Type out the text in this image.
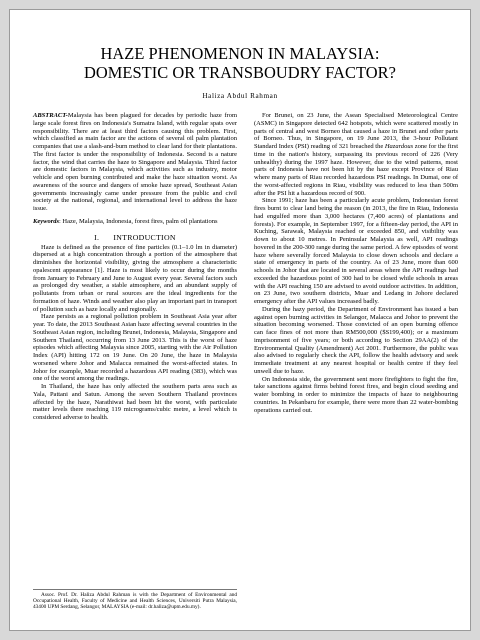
HAZE PHENOMENON IN MALAYSIA:
DOMESTIC OR TRANSBOUDRY FACTOR?
Haliza Abdul Rahman

ABSTRACT-Malaysia has been plagued for decades by periodic haze from large scale forest fires on Indonesia's Sumatra Island, with regular spats over responsibility. There are at least third factors causing this problem. First, which classified as main factor are the actions of several oil palm plantation companies that use a slash-and-burn method to clear land for their plantations. The first factor is under the responsibility of Indonesia. Second is a nature factor, the wind that carries the haze to Singapore and Malaysia. Third factor are domestic factors in Malaysia, which activities such as industry, motor vehicle and open burning contributed and make the haze situation worst. As awareness of the source and dangers of smoke haze spread, Southeast Asian governments increasingly came under pressure from the public and civil society at the national, regional, and international level to address the haze issue.

Keywords: Haze, Malaysia, Indonesia, forest fires, palm oil plantations

I. INTRODUCTION

Haze is defined as the presence of fine particles (0.1–1.0 lm in diameter) dispersed at a high concentration through a portion of the atmosphere that diminishes the horizontal visibility, giving the atmosphere a characteristic opalescent appearance [1]. Haze is most likely to occur during the months from January to February and June to August every year. Several factors such as prolonged dry weather, a stable atmosphere, and an abundant supply of pollutants from urban or rural sources are the ideal ingredients for the formation of haze. Winds and weather also play an important part in transport of pollution such as haze locally and regionally.

Haze persists as a regional pollution problem in Southeast Asia year after year. To date, the 2013 Southeast Asian haze affecting several countries in the Southeast Asian region, including Brunei, Indonesia, Malaysia, Singapore and Southern Thailand, occurring from 13 June 2013. This is the worst of haze episodes which affecting Malaysia since 2005, starting with the Air Pollution Index (API) hitting 172 on 19 June. On 20 June, the haze in Malaysia worsened where Johor and Malacca remained the worst-affected states. In Johor for example, Muar recorded a hazardous API reading (383), which was one of the worst among the readings.

In Thailand, the haze has only affected the southern parts area such as Yala, Pattani and Satun. Among the seven Southern Thailand provinces affected by the haze, Narathiwat had been hit the worst, with particulate matter levels there reaching 119 micrograms/cubic metre, a level which is considered adverse to health.

Assoc. Prof. Dr. Haliza Abdul Rahman is with the Department of Environmental and Occupational Health, Faculty of Medicine and Health Sciences, Universiti Putra Malaysia, 43400 UPM Serdang, Selangor, MALAYSIA (e-mail: dr.haliza@upm.edu.my).

For Brunei, on 23 June, the Asean Specialised Meteorological Centre (ASMC) in Singapore detected 642 hotspots, which were scattered mostly in parts of central and west Borneo that caused a haze in Brunei and other parts of Borneo. Thus, in Singapore, on 19 June 2013, the 3-hour Pollutant Standard Index (PSI) reading of 321 breached the Hazardous zone for the first time in the nation's history, surpassing its previous record of 226 (Very unhealthy) during the 1997 haze. However, due to the wind patterns, most parts of Indonesia have not been hit by the haze except Province of Riau where many parts of Riau recorded hazardous PSI readings. In Dumai, one of the worst-affected regions in Riau, visibility was reduced to less than 500m after the PSI hit a hazardous record of 900.

Since 1991; haze has been a particularly acute problem, Indonesian forest fires burnt to clear land being the reason (in 2013, the fire in Riau, Indonesia had engulfed more than 3,000 hectares (7,400 acres) of plantations and forests). For example, in September 1997, for a fifteen-day period, the API in Kuching, Sarawak, Malaysia reached or exceeded 850, and visibility was down to about 10 metres. In Peninsular Malaysia as well, API readings hovered in the 200-300 range during the same period. A few episodes of worst haze where severally forced Malaysia to close down schools and declare a state of emergency in parts of the country. As of 23 June, more than 600 schools in Johor that are located in several areas where the API readings had exceeded the hazardous point of 300 had to be closed while schools in areas with the API reaching 150 are advised to avoid outdoor activities. In addition, on 23 June, two southern districts, Muar and Ledang in Johore declared emergency after the API values increased badly.

During the hazy period, the Department of Environment has issued a ban against open burning activities in Selangor, Malacca and Johor to prevent the situation becoming worsened. Those convicted of an open burning offence can face fines of not more than RM500,000 ($S199,400); or a maximum imprisonment of five years; or both according to Section 29AA(2) of the Environmental Quality (Amendment) Act 2001. Furthermore, the public was also advised to regularly check the API, follow the health advisory and seek immediate treatment at any nearest hospital or health centre if they feel unwell due to haze.

On Indonesia side, the government sent more firefighters to fight the fire, take sanctions against firms behind forest fires, and begin cloud seeding and water bombing in order to minimize the impacts of haze to neighbouring countries. In Pekanbaru for example, there were more than 22 water-bombing operations carried out.
